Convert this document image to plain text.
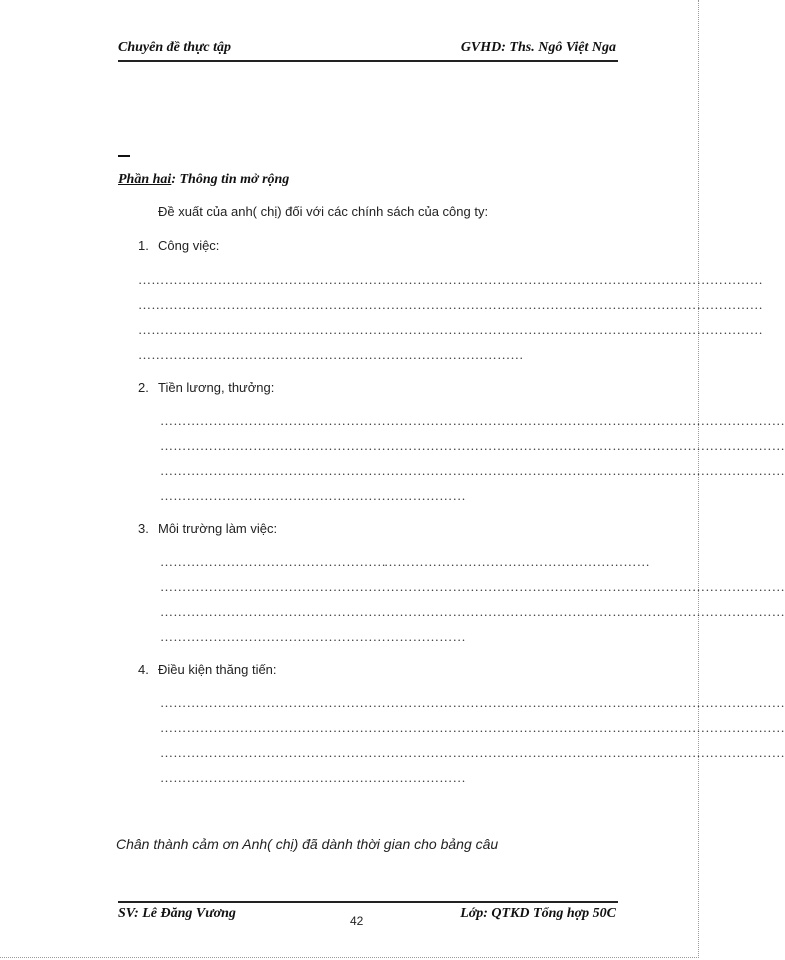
Chuyên đề thực tập	GVHD: Ths. Ngô Việt Nga
Phần hai: Thông tin mở rộng
Đề xuất của anh( chị) đối với các chính sách của công ty:
1. Công việc:
……………………………………………………………………………………………………………………………
……………………………………………………………………………………………………………………………
……………………………………………………………………………………………………………………………
……………………………………………………………………………
2. Tiền lương, thưởng:
……………………………………………………………………………………………………………………………
……………………………………………………………………………………………………………………………
……………………………………………………………………………………………………………………………
……………………………………………………………
3. Môi trường làm việc:
……………………………………………
……………………………………………………
……………………………………………………………………………………………………………………………
……………………………………………………………………………………………………………………………
……………………………………………………………
4. Điều kiện thăng tiến:
……………………………………………………………………………………………………………………………
……………………………………………………………………………………………………………………………
……………………………………………………………………………………………………………………………
……………………………………………………………
Chân thành cảm ơn Anh( chị) đã dành thời gian cho bảng câu
SV: Lê Đăng Vương	Lớp: QTKD Tổng hợp 50C
42
